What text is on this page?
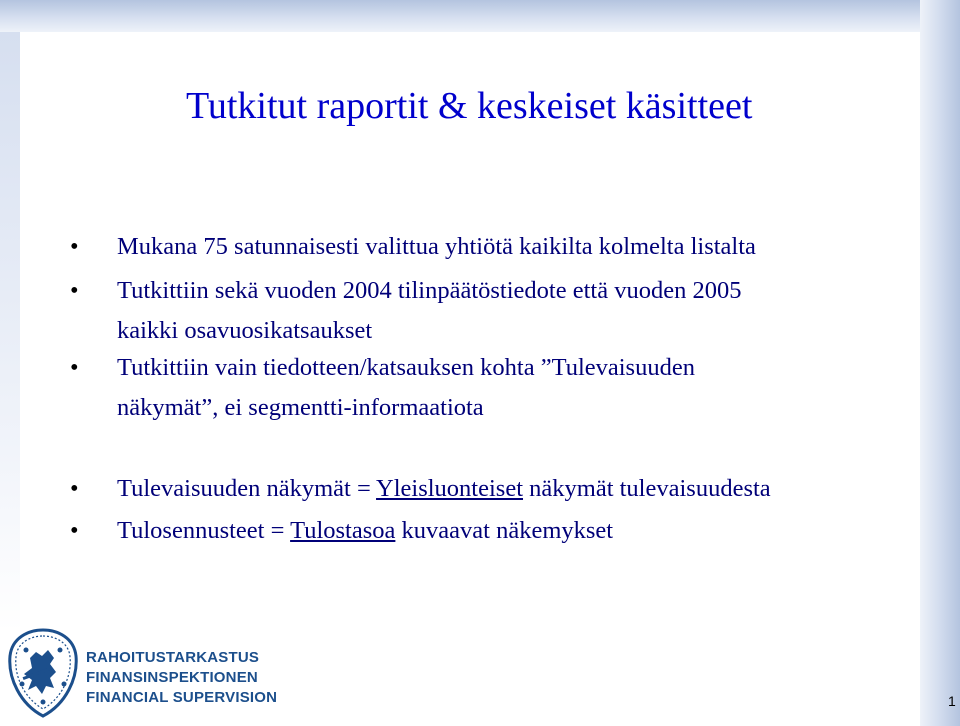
Tutkitut raportit & keskeiset käsitteet
•	Mukana 75 satunnaisesti valittua yhtiötä kaikilta kolmelta listalta
•	Tutkittiin sekä vuoden 2004 tilinpäätöstiedote että vuoden 2005
kaikki osavuosikatsaukset
•	Tutkittiin vain tiedotteen/katsauksen kohta ”Tulevaisuuden
näkymät”, ei segmentti-informaatiota
•	Tulevaisuuden näkymät = Yleisluonteiset näkymät tulevaisuudesta
•	Tulosennusteet = Tulostasoa kuvaavat näkemykset
RAHOITUSTARKASTUS
FINANSINSPEKTIONEN
FINANCIAL SUPERVISION	1
